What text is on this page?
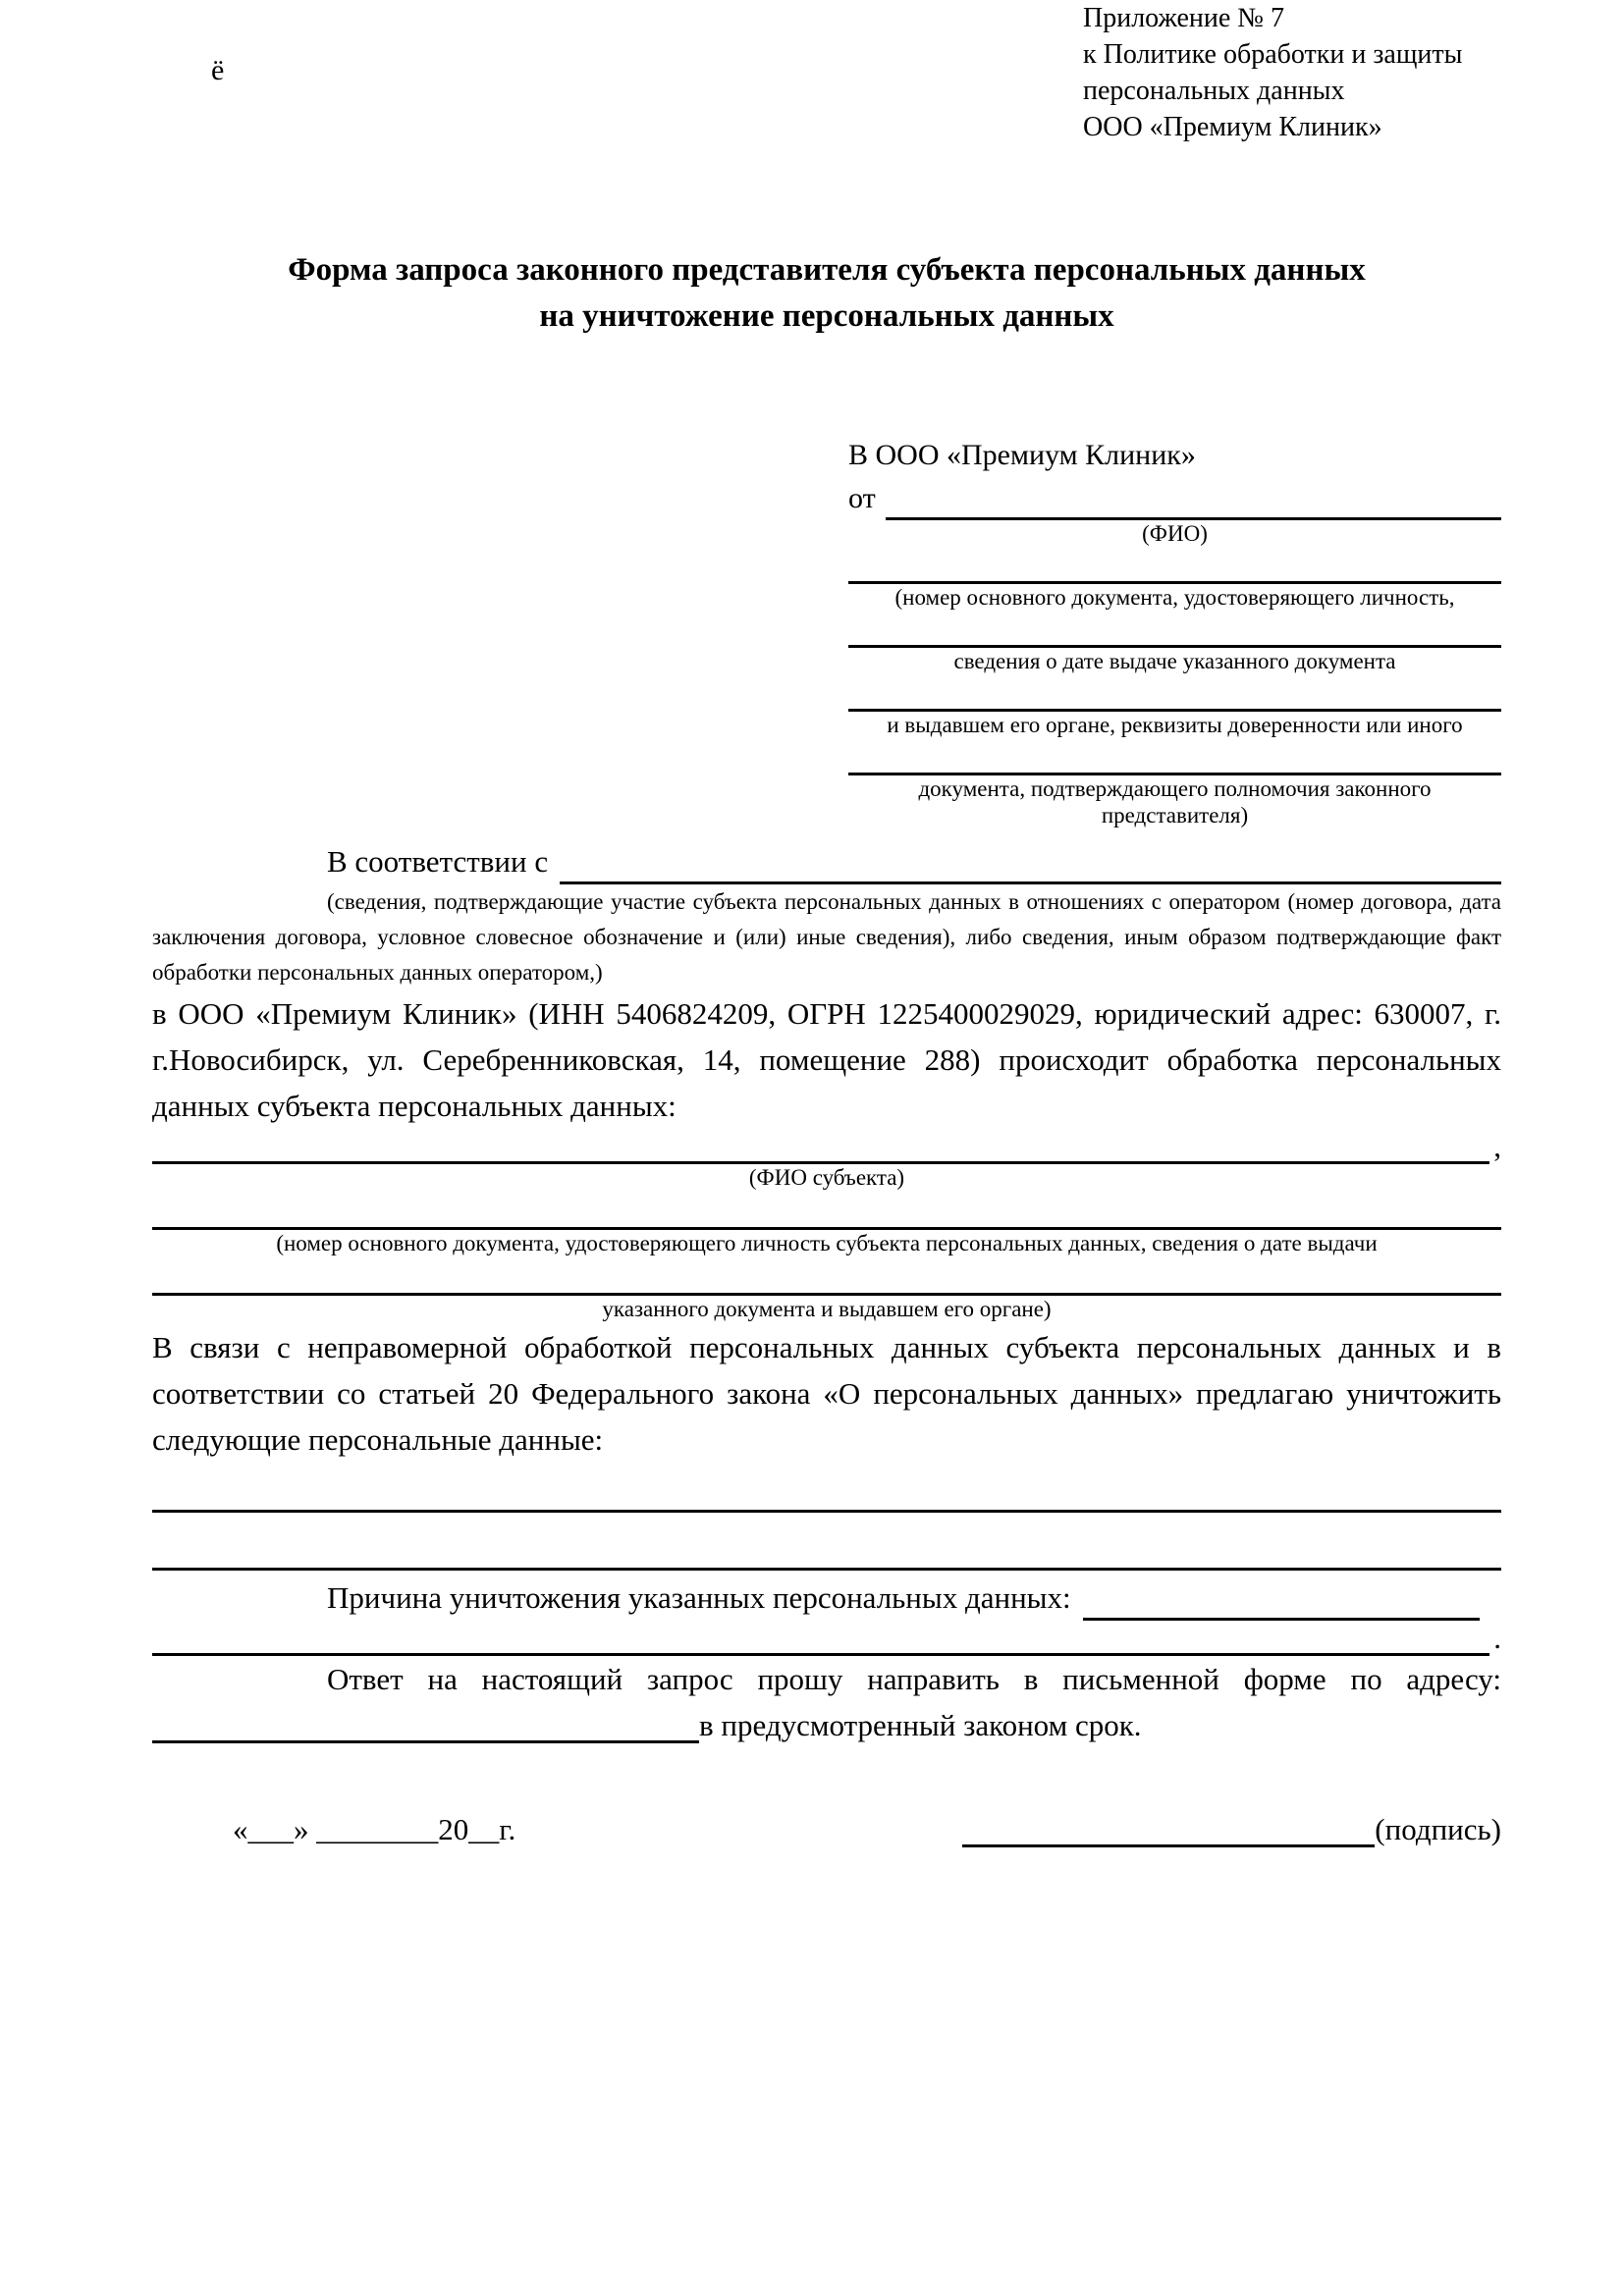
ё
Приложение № 7
к Политике обработки и защиты
персональных данных
ООО «Премиум Клиник»
Форма запроса законного представителя субъекта персональных данных
на уничтожение персональных данных
В ООО «Премиум Клиник»
от
(ФИО)
(номер основного документа, удостоверяющего личность,
сведения о дате выдаче указанного документа
и выдавшем его органе, реквизиты доверенности или иного
документа, подтверждающего полномочия законного представителя)
В соответствии с
(сведения, подтверждающие участие субъекта персональных данных в отношениях с оператором (номер договора, дата заключения договора, условное словесное обозначение и (или) иные сведения), либо сведения, иным образом подтверждающие факт обработки персональных данных оператором,)

в ООО «Премиум Клиник» (ИНН 5406824209, ОГРН 1225400029029, юридический адрес: 630007, г. г.Новосибирск, ул. Серебренниковская, 14, помещение 288) происходит обработка персональных данных субъекта персональных данных:

,
(ФИО субъекта)
(номер основного документа, удостоверяющего личность субъекта персональных данных, сведения о дате выдачи
указанного документа и выдавшем его органе)

В связи с неправомерной обработкой персональных данных субъекта персональных данных и в соответствии со статьей 20 Федерального закона «О персональных данных» предлагаю уничтожить следующие персональные данные:

Причина уничтожения указанных персональных данных:
.

Ответ на настоящий запрос прошу направить в письменной форме по адресу:

в предусмотренный законом срок.
«___» ________20__г.	(подпись)
